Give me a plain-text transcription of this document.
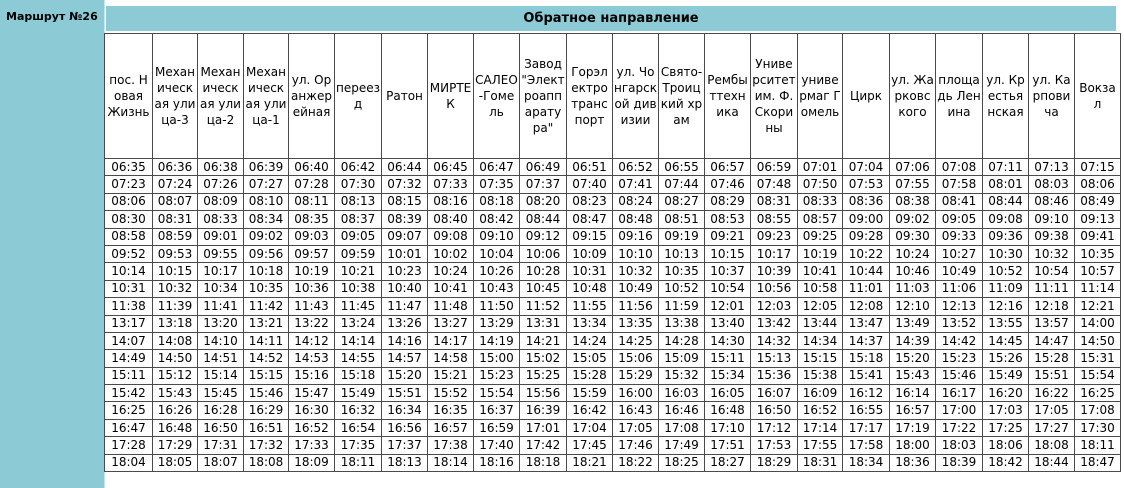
Маршрут №26	Обратное направление
пос. Новая Жизнь	Механическая улица-3	Механическая улица-2	Механическая улица-1	ул. Оранжерейная	переезд	Ратон	МИРТЕК	САЛЕО-Гомель	Завод "Электроаппаратура"	Горэлектротранспорт	ул. Чонгарской дивизии	Свято-Троицкий храм	Рембыттехника	Университет им. Ф. Скорины	универмаг Гомель	Цирк	ул. Жарковского	площадь Ленина	ул. Крестьянская	ул. Карповича	Вокзал
06:35	06:36	06:38	06:39	06:40	06:42	06:44	06:45	06:47	06:49	06:51	06:52	06:55	06:57	06:59	07:01	07:04	07:06	07:08	07:11	07:13	07:15
07:23	07:24	07:26	07:27	07:28	07:30	07:32	07:33	07:35	07:37	07:40	07:41	07:44	07:46	07:48	07:50	07:53	07:55	07:58	08:01	08:03	08:06
08:06	08:07	08:09	08:10	08:11	08:13	08:15	08:16	08:18	08:20	08:23	08:24	08:27	08:29	08:31	08:33	08:36	08:38	08:41	08:44	08:46	08:49
08:30	08:31	08:33	08:34	08:35	08:37	08:39	08:40	08:42	08:44	08:47	08:48	08:51	08:53	08:55	08:57	09:00	09:02	09:05	09:08	09:10	09:13
08:58	08:59	09:01	09:02	09:03	09:05	09:07	09:08	09:10	09:12	09:15	09:16	09:19	09:21	09:23	09:25	09:28	09:30	09:33	09:36	09:38	09:41
09:52	09:53	09:55	09:56	09:57	09:59	10:01	10:02	10:04	10:06	10:09	10:10	10:13	10:15	10:17	10:19	10:22	10:24	10:27	10:30	10:32	10:35
10:14	10:15	10:17	10:18	10:19	10:21	10:23	10:24	10:26	10:28	10:31	10:32	10:35	10:37	10:39	10:41	10:44	10:46	10:49	10:52	10:54	10:57
10:31	10:32	10:34	10:35	10:36	10:38	10:40	10:41	10:43	10:45	10:48	10:49	10:52	10:54	10:56	10:58	11:01	11:03	11:06	11:09	11:11	11:14
11:38	11:39	11:41	11:42	11:43	11:45	11:47	11:48	11:50	11:52	11:55	11:56	11:59	12:01	12:03	12:05	12:08	12:10	12:13	12:16	12:18	12:21
13:17	13:18	13:20	13:21	13:22	13:24	13:26	13:27	13:29	13:31	13:34	13:35	13:38	13:40	13:42	13:44	13:47	13:49	13:52	13:55	13:57	14:00
14:07	14:08	14:10	14:11	14:12	14:14	14:16	14:17	14:19	14:21	14:24	14:25	14:28	14:30	14:32	14:34	14:37	14:39	14:42	14:45	14:47	14:50
14:49	14:50	14:51	14:52	14:53	14:55	14:57	14:58	15:00	15:02	15:05	15:06	15:09	15:11	15:13	15:15	15:18	15:20	15:23	15:26	15:28	15:31
15:11	15:12	15:14	15:15	15:16	15:18	15:20	15:21	15:23	15:25	15:28	15:29	15:32	15:34	15:36	15:38	15:41	15:43	15:46	15:49	15:51	15:54
15:42	15:43	15:45	15:46	15:47	15:49	15:51	15:52	15:54	15:56	15:59	16:00	16:03	16:05	16:07	16:09	16:12	16:14	16:17	16:20	16:22	16:25
16:25	16:26	16:28	16:29	16:30	16:32	16:34	16:35	16:37	16:39	16:42	16:43	16:46	16:48	16:50	16:52	16:55	16:57	17:00	17:03	17:05	17:08
16:47	16:48	16:50	16:51	16:52	16:54	16:56	16:57	16:59	17:01	17:04	17:05	17:08	17:10	17:12	17:14	17:17	17:19	17:22	17:25	17:27	17:30
17:28	17:29	17:31	17:32	17:33	17:35	17:37	17:38	17:40	17:42	17:45	17:46	17:49	17:51	17:53	17:55	17:58	18:00	18:03	18:06	18:08	18:11
18:04	18:05	18:07	18:08	18:09	18:11	18:13	18:14	18:16	18:18	18:21	18:22	18:25	18:27	18:29	18:31	18:34	18:36	18:39	18:42	18:44	18:47
